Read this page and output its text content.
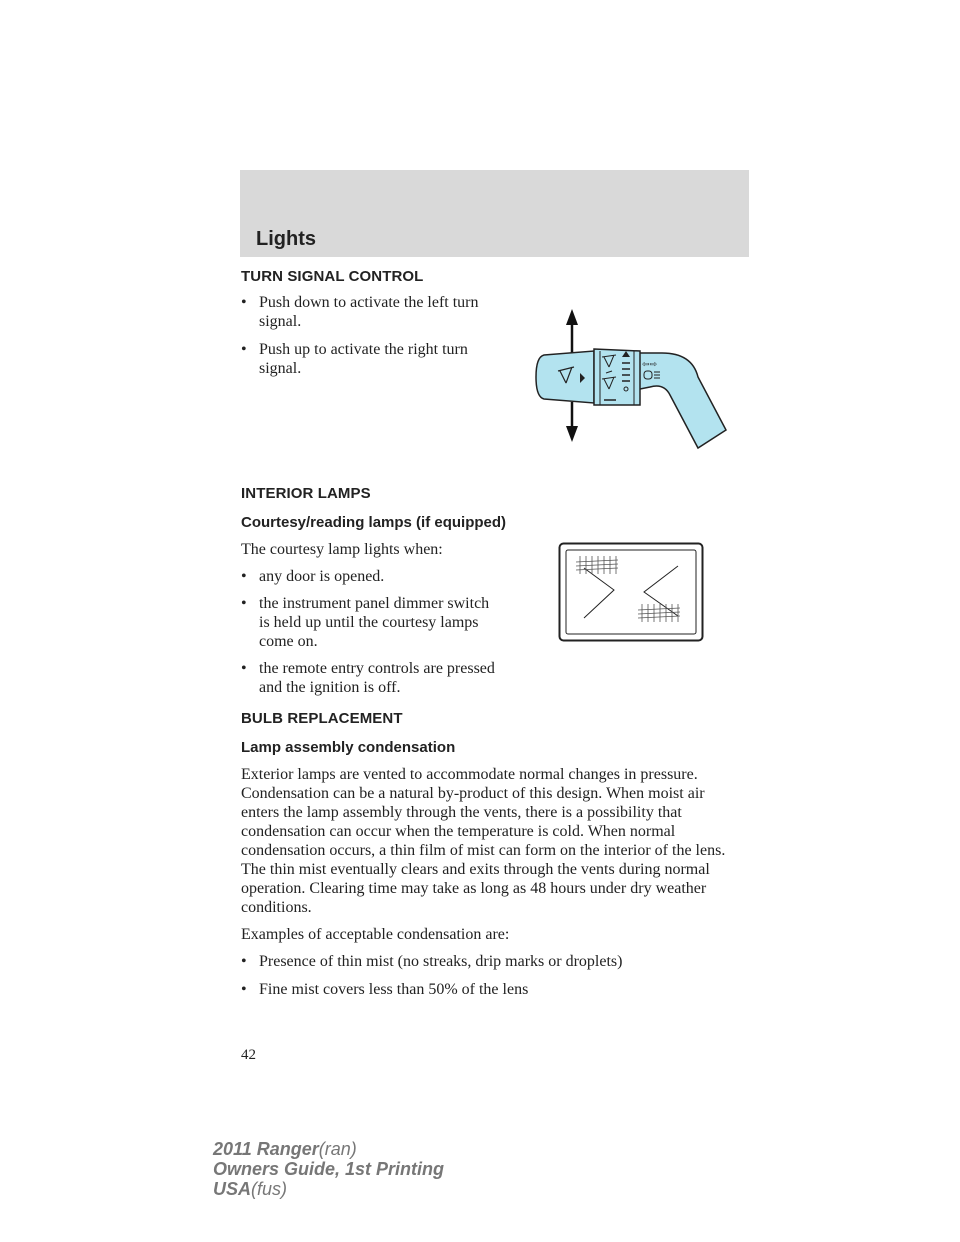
Lights
TURN SIGNAL CONTROL
• Push down to activate the left turn signal.
• Push up to activate the right turn signal.
INTERIOR LAMPS
Courtesy/reading lamps (if equipped)

The courtesy lamp lights when:

• any door is opened.
• the instrument panel dimmer switch is held up until the courtesy lamps come on.
• the remote entry controls are pressed and the ignition is off.
BULB REPLACEMENT
Lamp assembly condensation

Exterior lamps are vented to accommodate normal changes in pressure. Condensation can be a natural by-product of this design. When moist air enters the lamp assembly through the vents, there is a possibility that condensation can occur when the temperature is cold. When normal condensation occurs, a thin film of mist can form on the interior of the lens. The thin mist eventually clears and exits through the vents during normal operation. Clearing time may take as long as 48 hours under dry weather conditions.

Examples of acceptable condensation are:

• Presence of thin mist (no streaks, drip marks or droplets)
• Fine mist covers less than 50% of the lens
⇦⇨
42
2011 Ranger(ran)
Owners Guide, 1st Printing
USA(fus)
